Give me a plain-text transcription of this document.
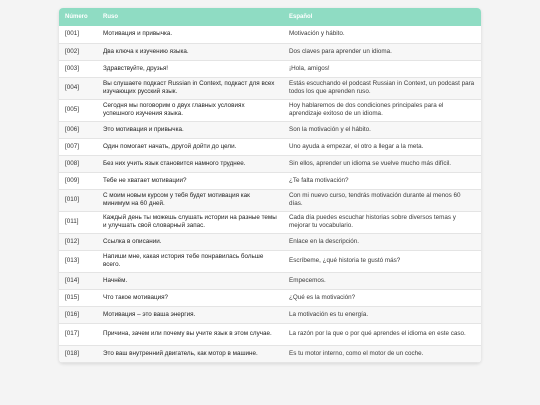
Número	Ruso	Español
[001]	Мотивация и привычка.	Motivación y hábito.
[002]	Два ключа к изучению языка.	Dos claves para aprender un idioma.
[003]	Здравствуйте, друзья!	¡Hola, amigos!
[004]	Вы слушаете подкаст Russian in Context, подкаст для всех изучающих русский язык.	Estás escuchando el podcast Russian in Context, un podcast para todos los que aprenden ruso.
[005]	Сегодня мы поговорим о двух главных условиях успешного изучения языка.	Hoy hablaremos de dos condiciones principales para el aprendizaje exitoso de un idioma.
[006]	Это мотивация и привычка.	Son la motivación y el hábito.
[007]	Один помогает начать, другой дойти до цели.	Uno ayuda a empezar, el otro a llegar a la meta.
[008]	Без них учить язык становится намного труднее.	Sin ellos, aprender un idioma se vuelve mucho más difícil.
[009]	Тебе не хватает мотивации?	¿Te falta motivación?
[010]	С моим новым курсом у тебя будет мотивация как минимум на 60 дней.	Con mi nuevo curso, tendrás motivación durante al menos 60 días.
[011]	Каждый день ты можешь слушать истории на разные темы и улучшать свой словарный запас.	Cada día puedes escuchar historias sobre diversos temas y mejorar tu vocabulario.
[012]	Ссылка в описании.	Enlace en la descripción.
[013]	Напиши мне, какая история тебе понравилась больше всего.	Escríbeme, ¿qué historia te gustó más?
[014]	Начнём.	Empecemos.
[015]	Что такое мотивация?	¿Qué es la motivación?
[016]	Мотивация – это ваша энергия.	La motivación es tu energía.
[017]	Причина, зачем или почему вы учите язык в этом случае.	La razón por la que o por qué aprendes el idioma en este caso.
[018]	Это ваш внутренний двигатель, как мотор в машине.	Es tu motor interno, como el motor de un coche.
